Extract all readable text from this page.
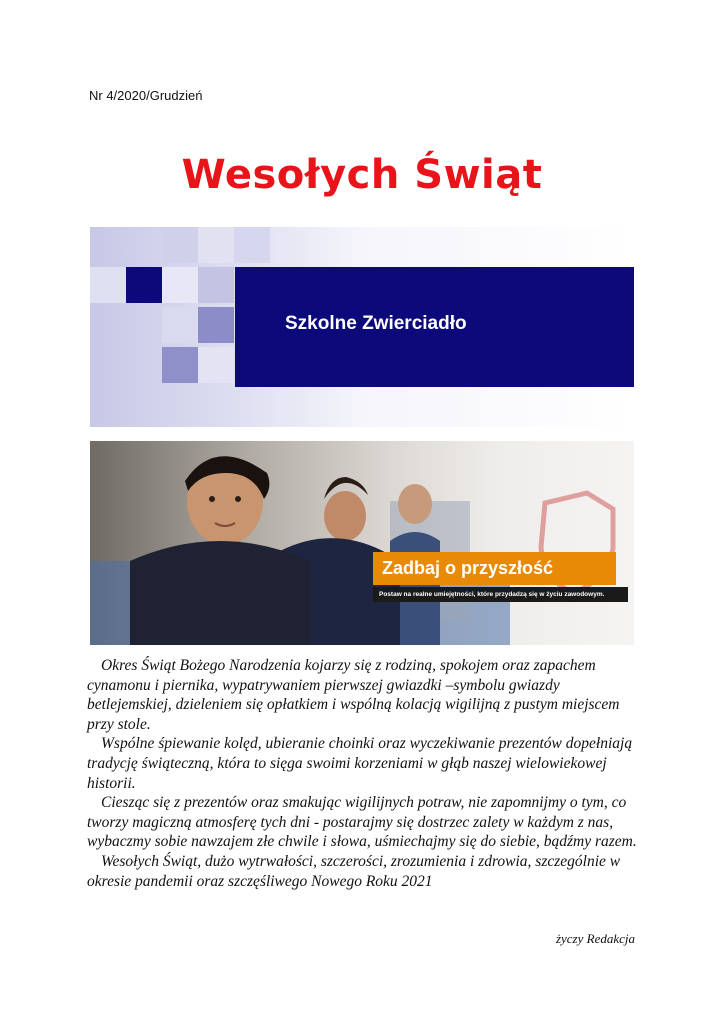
Nr 4/2020/Grudzień
Wesołych Świąt
Szkolne Zwierciadło
Zadbaj o przyszłość
Postaw na realne umiejętności, które przydadzą się w życiu zawodowym.

Okres Świąt Bożego Narodzenia kojarzy się z rodziną, spokojem oraz zapachem cynamonu i piernika, wypatrywaniem pierwszej gwiazdki –symbolu gwiazdy betlejemskiej, dzieleniem się opłatkiem i wspólną kolacją wigilijną z pustym miejscem przy stole.

Wspólne śpiewanie kolęd, ubieranie choinki oraz wyczekiwanie prezentów dopełniają tradycję świąteczną, która to sięga swoimi korzeniami w głąb naszej wielowiekowej historii.

Ciesząc się z prezentów oraz smakując wigilijnych potraw, nie zapomnijmy o tym, co tworzy magiczną atmosferę tych dni - postarajmy się dostrzec zalety w każdym z nas, wybaczmy sobie nawzajem złe chwile i słowa, uśmiechajmy się do siebie, bądźmy razem.

Wesołych Świąt, dużo wytrwałości, szczerości, zrozumienia i zdrowia, szczególnie w okresie pandemii oraz szczęśliwego Nowego Roku 2021

życzy Redakcja
